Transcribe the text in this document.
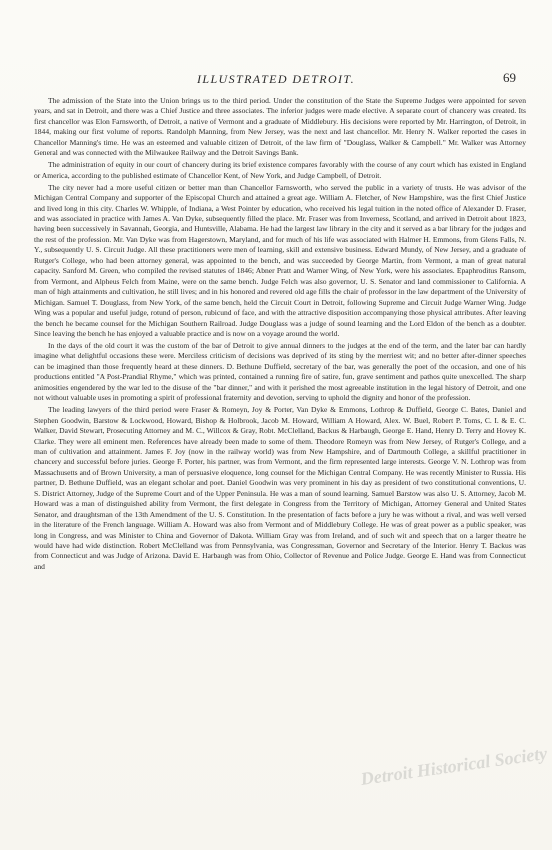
ILLUSTRATED DETROIT.	69

The admission of the State into the Union brings us to the third period. Under the constitution of the State the Supreme Judges were appointed for seven years, and sat in Detroit, and there was a Chief Justice and three associates. The inferior judges were made elective. A separate court of chancery was created. Its first chancellor was Elon Farnsworth, of Detroit, a native of Vermont and a graduate of Middlebury. His decisions were reported by Mr. Harrington, of Detroit, in 1844, making our first volume of reports. Randolph Manning, from New Jersey, was the next and last chancellor. Mr. Henry N. Walker reported the cases in Chancellor Manning's time. He was an esteemed and valuable citizen of Detroit, of the law firm of "Douglass, Walker & Campbell." Mr. Walker was Attorney General and was connected with the Milwaukee Railway and the Detroit Savings Bank.

The administration of equity in our court of chancery during its brief existence compares favorably with the course of any court which has existed in England or America, according to the published estimate of Chancellor Kent, of New York, and Judge Campbell, of Detroit.

The city never had a more useful citizen or better man than Chancellor Farnsworth, who served the public in a variety of trusts. He was advisor of the Michigan Central Company and supporter of the Episcopal Church and attained a great age. William A. Fletcher, of New Hampshire, was the first Chief Justice and lived long in this city. Charles W. Whipple, of Indiana, a West Pointer by education, who received his legal tuition in the noted office of Alexander D. Fraser, and was associated in practice with James A. Van Dyke, subsequently filled the place. Mr. Fraser was from Inverness, Scotland, and arrived in Detroit about 1823, having been successively in Savannah, Georgia, and Huntsville, Alabama. He had the largest law library in the city and it served as a bar library for the judges and the rest of the profession. Mr. Van Dyke was from Hagerstown, Maryland, and for much of his life was associated with Halmer H. Emmons, from Glens Falls, N. Y., subsequently U. S. Circuit Judge. All these practitioners were men of learning, skill and extensive business. Edward Mundy, of New Jersey, and a graduate of Rutger's College, who had been attorney general, was appointed to the bench, and was succeeded by George Martin, from Vermont, a man of great natural capacity. Sanford M. Green, who compiled the revised statutes of 1846; Abner Pratt and Warner Wing, of New York, were his associates. Epaphroditus Ransom, from Vermont, and Alpheus Felch from Maine, were on the same bench. Judge Felch was also governor, U. S. Senator and land commissioner to California. A man of high attainments and cultivation, he still lives; and in his honored and revered old age fills the chair of professor in the law department of the University of Michigan. Samuel T. Douglass, from New York, of the same bench, held the Circuit Court in Detroit, following Supreme and Circuit Judge Warner Wing. Judge Wing was a popular and useful judge, rotund of person, rubicund of face, and with the attractive disposition accompanying those physical attributes. After leaving the bench he became counsel for the Michigan Southern Railroad. Judge Douglass was a judge of sound learning and the Lord Eldon of the bench as a doubter. Since leaving the bench he has enjoyed a valuable practice and is now on a voyage around the world.

In the days of the old court it was the custom of the bar of Detroit to give annual dinners to the judges at the end of the term, and the later bar can hardly imagine what delightful occasions these were. Merciless criticism of decisions was deprived of its sting by the merriest wit; and no better after-dinner speeches can be imagined than those frequently heard at these dinners. D. Bethune Duffield, secretary of the bar, was generally the poet of the occasion, and one of his productions entitled "A Post-Prandial Rhyme," which was printed, contained a running fire of satire, fun, grave sentiment and pathos quite unexcelled. The sharp animosities engendered by the war led to the disuse of the "bar dinner," and with it perished the most agreeable institution in the legal history of Detroit, and one not without valuable uses in promoting a spirit of professional fraternity and devotion, serving to uphold the dignity and honor of the profession.

The leading lawyers of the third period were Fraser & Romeyn, Joy & Porter, Van Dyke & Emmons, Lothrop & Duffield, George C. Bates, Daniel and Stephen Goodwin, Barstow & Lockwood, Howard, Bishop & Holbrook, Jacob M. Howard, William A Howard, Alex. W. Buel, Robert P. Toms, C. I. & E. C. Walker, David Stewart, Prosecuting Attorney and M. C., Willcox & Gray, Robt. McClelland, Backus & Harbaugh, George E. Hand, Henry D. Terry and Hovey K. Clarke. They were all eminent men. References have already been made to some of them. Theodore Romeyn was from New Jersey, of Rutger's College, and a man of cultivation and attainment. James F. Joy (now in the railway world) was from New Hampshire, and of Dartmouth College, a skillful practitioner in chancery and successful before juries. George F. Porter, his partner, was from Vermont, and the firm represented large interests. George V. N. Lothrop was from Massachusetts and of Brown University, a man of persuasive eloquence, long counsel for the Michigan Central Company. He was recently Minister to Russia. His partner, D. Bethune Duffield, was an elegant scholar and poet. Daniel Goodwin was very prominent in his day as president of two constitutional conventions, U. S. District Attorney, Judge of the Supreme Court and of the Upper Peninsula. He was a man of sound learning. Samuel Barstow was also U. S. Attorney, Jacob M. Howard was a man of distinguished ability from Vermont, the first delegate in Congress from the Territory of Michigan, Attorney General and United States Senator, and draughtsman of the 13th Amendment of the U. S. Constitution. In the presentation of facts before a jury he was without a rival, and was well versed in the literature of the French language. William A. Howard was also from Vermont and of Middlebury College. He was of great power as a public speaker, was long in Congress, and was Minister to China and Governor of Dakota. William Gray was from Ireland, and of such wit and speech that on a larger theatre he would have had wide distinction. Robert McClelland was from Pennsylvania, was Congressman, Governor and Secretary of the Interior. Henry T. Backus was from Connecticut and was Judge of Arizona. David E. Harbaugh was from Ohio, Collector of Revenue and Police Judge. George E. Hand was from Connecticut and

Detroit Historical Society
